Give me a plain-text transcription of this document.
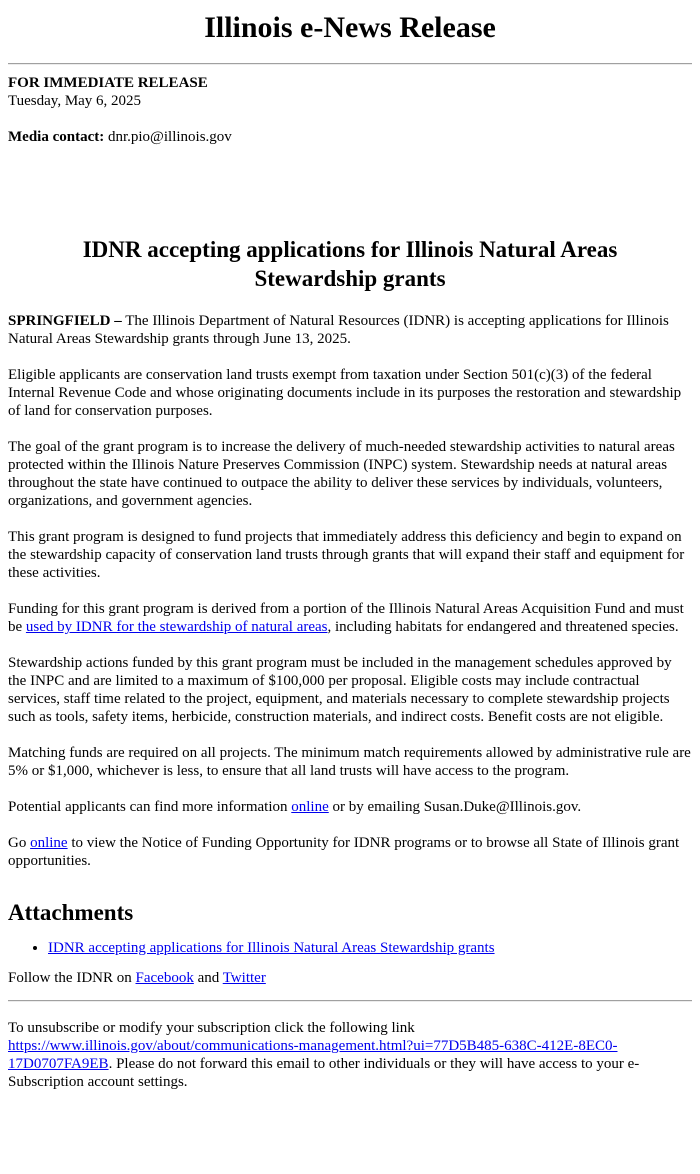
Illinois e-News Release
FOR IMMEDIATE RELEASE
Tuesday, May 6, 2025
Media contact: dnr.pio@illinois.gov
IDNR accepting applications for Illinois Natural Areas Stewardship grants

SPRINGFIELD – The Illinois Department of Natural Resources (IDNR) is accepting applications for Illinois Natural Areas Stewardship grants through June 13, 2025.

Eligible applicants are conservation land trusts exempt from taxation under Section 501(c)(3) of the federal Internal Revenue Code and whose originating documents include in its purposes the restoration and stewardship of land for conservation purposes.

The goal of the grant program is to increase the delivery of much-needed stewardship activities to natural areas protected within the Illinois Nature Preserves Commission (INPC) system. Stewardship needs at natural areas throughout the state have continued to outpace the ability to deliver these services by individuals, volunteers, organizations, and government agencies.

This grant program is designed to fund projects that immediately address this deficiency and begin to expand on the stewardship capacity of conservation land trusts through grants that will expand their staff and equipment for these activities.

Funding for this grant program is derived from a portion of the Illinois Natural Areas Acquisition Fund and must be used by IDNR for the stewardship of natural areas, including habitats for endangered and threatened species.

Stewardship actions funded by this grant program must be included in the management schedules approved by the INPC and are limited to a maximum of $100,000 per proposal. Eligible costs may include contractual services, staff time related to the project, equipment, and materials necessary to complete stewardship projects such as tools, safety items, herbicide, construction materials, and indirect costs. Benefit costs are not eligible.

Matching funds are required on all projects. The minimum match requirements allowed by administrative rule are 5% or $1,000, whichever is less, to ensure that all land trusts will have access to the program.

Potential applicants can find more information online or by emailing Susan.Duke@Illinois.gov.

Go online to view the Notice of Funding Opportunity for IDNR programs or to browse all State of Illinois grant opportunities.

Attachments
• IDNR accepting applications for Illinois Natural Areas Stewardship grants
Follow the IDNR on Facebook and Twitter
To unsubscribe or modify your subscription click the following link
https://www.illinois.gov/about/communications-management.html?ui=77D5B485-638C-412E-8EC0-17D0707FA9EB. Please do not forward this email to other individuals or they will have access to your e-Subscription account settings.
